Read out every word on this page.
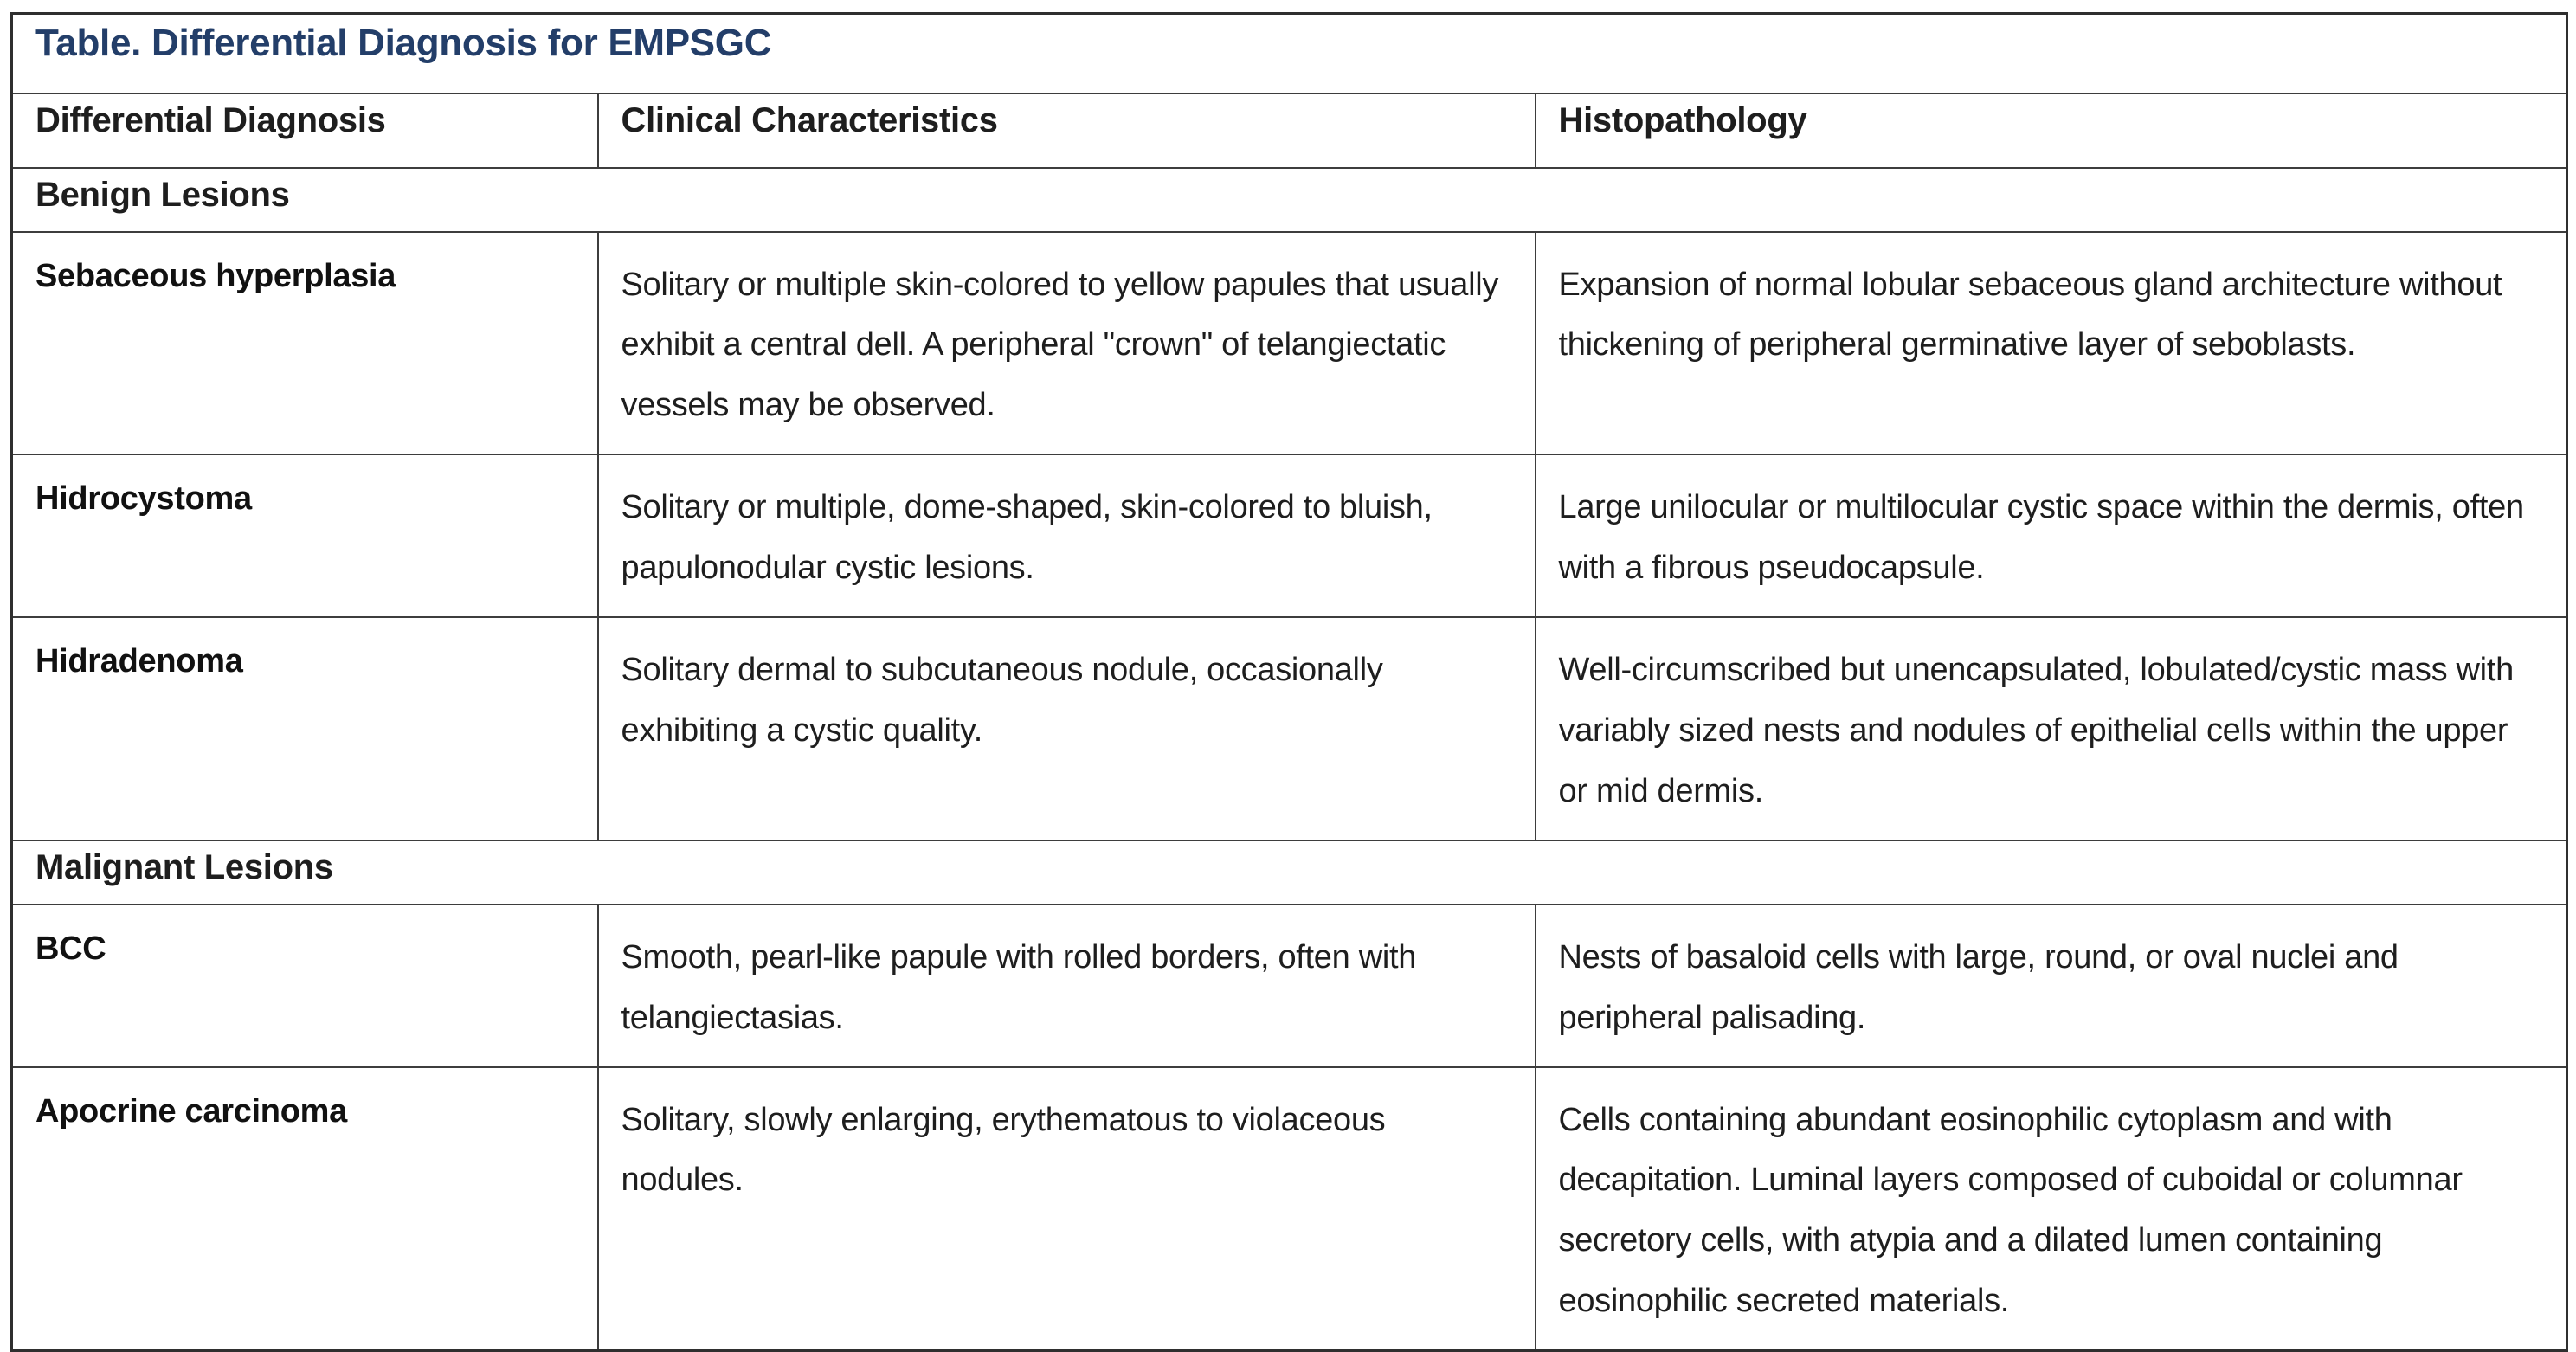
Table. Differential Diagnosis for EMPSGC		
Differential Diagnosis	Clinical Characteristics	Histopathology
Benign Lesions		
Sebaceous hyperplasia	Solitary or multiple skin-colored to yellow papules that usually exhibit a central dell. A peripheral "crown" of telangiectatic vessels may be observed.	Expansion of normal lobular sebaceous gland architecture without thickening of peripheral germinative layer of seboblasts.
Hidrocystoma	Solitary or multiple, dome-shaped, skin-colored to bluish, papulonodular cystic lesions.	Large unilocular or multilocular cystic space within the dermis, often with a fibrous pseudocapsule.
Hidradenoma	Solitary dermal to subcutaneous nodule, occasionally exhibiting a cystic quality.	Well-circumscribed but unencapsulated, lobulated/cystic mass with variably sized nests and nodules of epithelial cells within the upper or mid dermis.
Malignant Lesions		
BCC	Smooth, pearl-like papule with rolled borders, often with telangiectasias.	Nests of basaloid cells with large, round, or oval nuclei and peripheral palisading.
Apocrine carcinoma	Solitary, slowly enlarging, erythematous to violaceous nodules.	Cells containing abundant eosinophilic cytoplasm and with decapitation. Luminal layers composed of cuboidal or columnar secretory cells, with atypia and a dilated lumen containing eosinophilic secreted materials.
